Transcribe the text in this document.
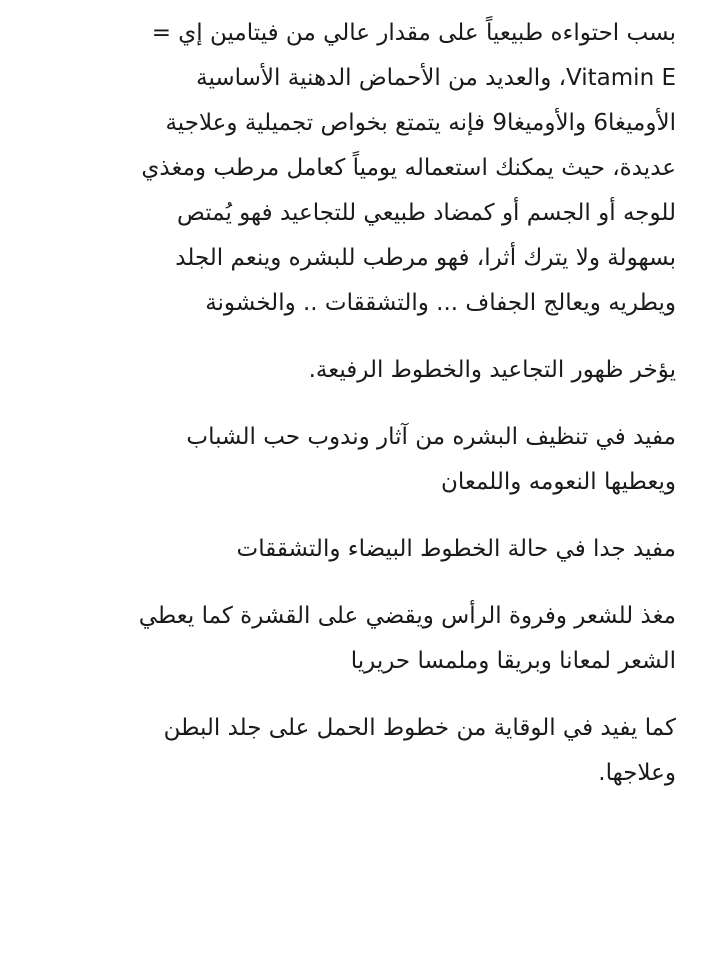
بسب احتواءه طبيعياً على مقدار عالي من فيتامين إي =
Vitamin E، والعديد من الأحماض الدهنية الأساسية
الأوميغا6 والأوميغا9 فإنه يتمتع بخواص تجميلية وعلاجية
عديدة، حيث يمكنك استعماله يومياً كعامل مرطب ومغذي
للوجه أو الجسم أو كمضاد طبيعي للتجاعيد فهو يُمتص
بسهولة ولا يترك أثرا، فهو مرطب للبشره وينعم الجلد
ويطريه ويعالج الجفاف ... والتشققات .. والخشونة
يؤخر ظهور التجاعيد والخطوط الرفيعة.
مفيد في تنظيف البشره من آثار وندوب حب الشباب
ويعطيها النعومه واللمعان
مفيد جدا في حالة الخطوط البيضاء والتشققات
مغذ للشعر وفروة الرأس ويقضي على القشرة كما يعطي
الشعر لمعانا وبريقا وملمسا حريريا
كما يفيد في الوقاية من خطوط الحمل على جلد البطن
وعلاجها.
